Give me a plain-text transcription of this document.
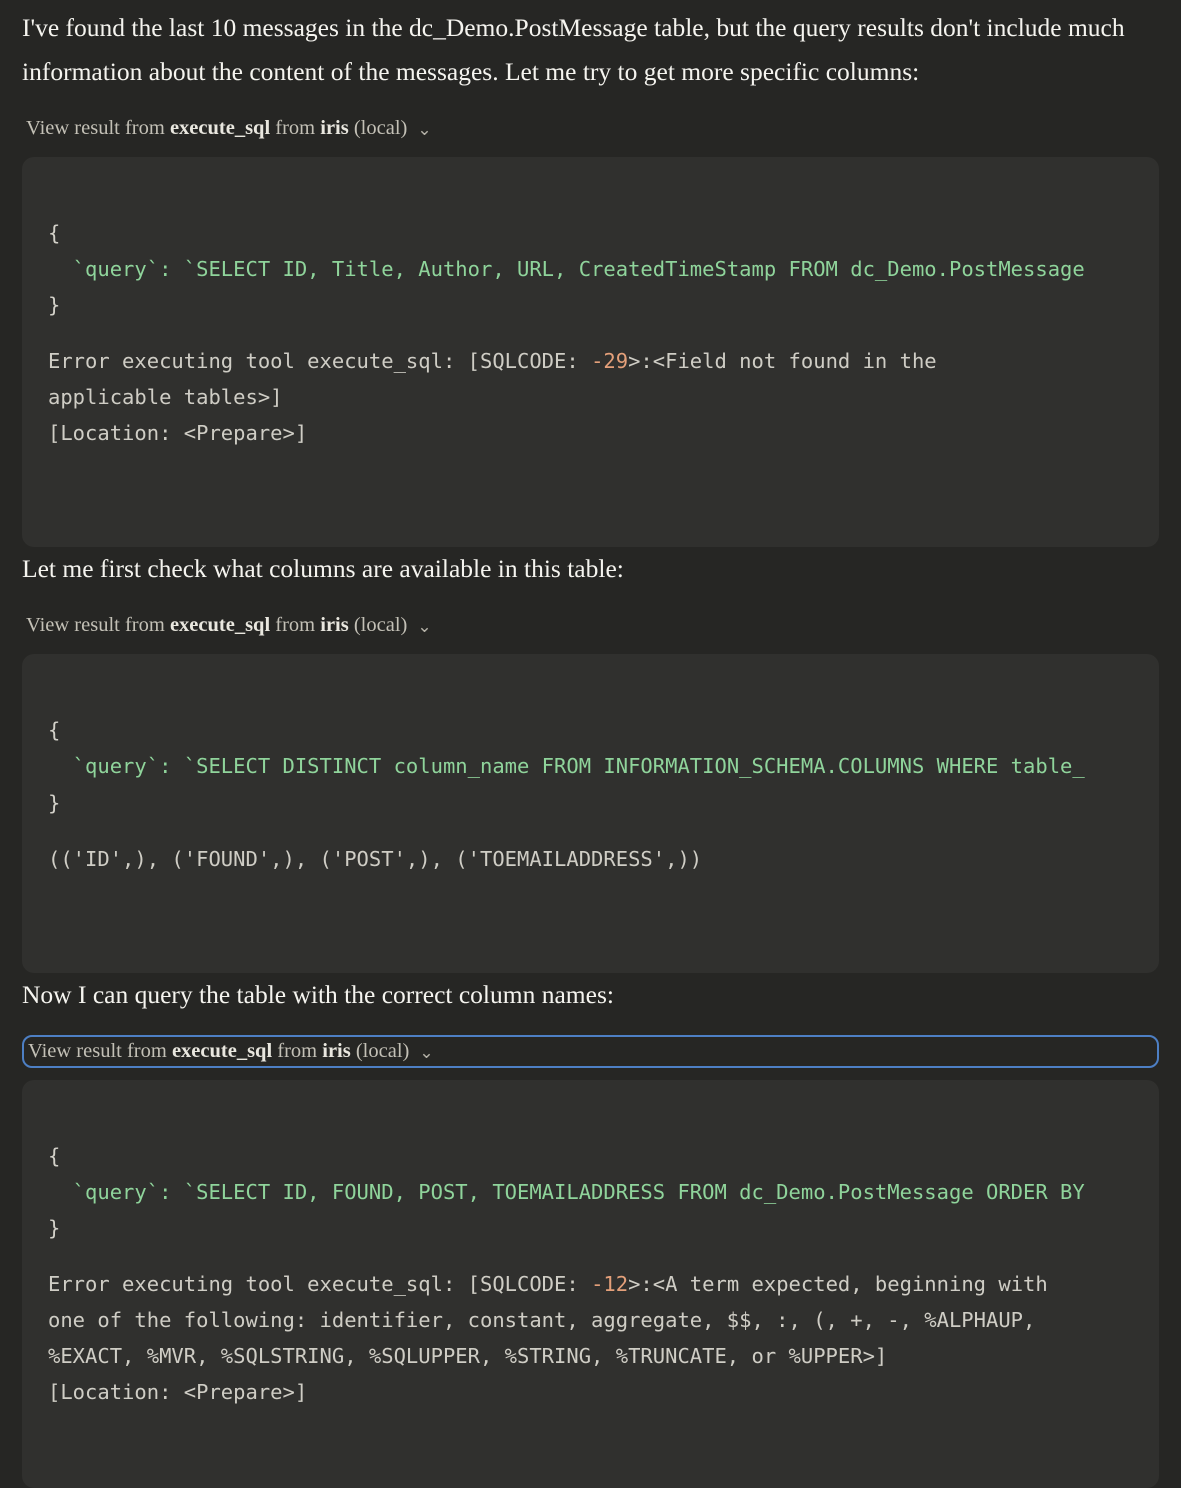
I've found the last 10 messages in the dc_Demo.PostMessage table, but the query results don't include much information about the content of the messages. Let me try to get more specific columns:

View result from execute_sql from iris (local) ⌄

{
`query`: `SELECT ID, Title, Author, URL, CreatedTimeStamp FROM dc_Demo.PostMessage
}
Error executing tool execute_sql: [SQLCODE: -29>:<Field not found in the
applicable tables>]
[Location: <Prepare>]

Let me first check what columns are available in this table:

View result from execute_sql from iris (local) ⌄

{
`query`: `SELECT DISTINCT column_name FROM INFORMATION_SCHEMA.COLUMNS WHERE table_
}
(('ID',), ('FOUND',), ('POST',), ('TOEMAILADDRESS',))

Now I can query the table with the correct column names:

View result from execute_sql from iris (local) ⌄

{
`query`: `SELECT ID, FOUND, POST, TOEMAILADDRESS FROM dc_Demo.PostMessage ORDER BY
}
Error executing tool execute_sql: [SQLCODE: -12>:<A term expected, beginning with
one of the following: identifier, constant, aggregate, $$, :, (, +, -, %ALPHAUP,
%EXACT, %MVR, %SQLSTRING, %SQLUPPER, %STRING, %TRUNCATE, or %UPPER>]
[Location: <Prepare>]
